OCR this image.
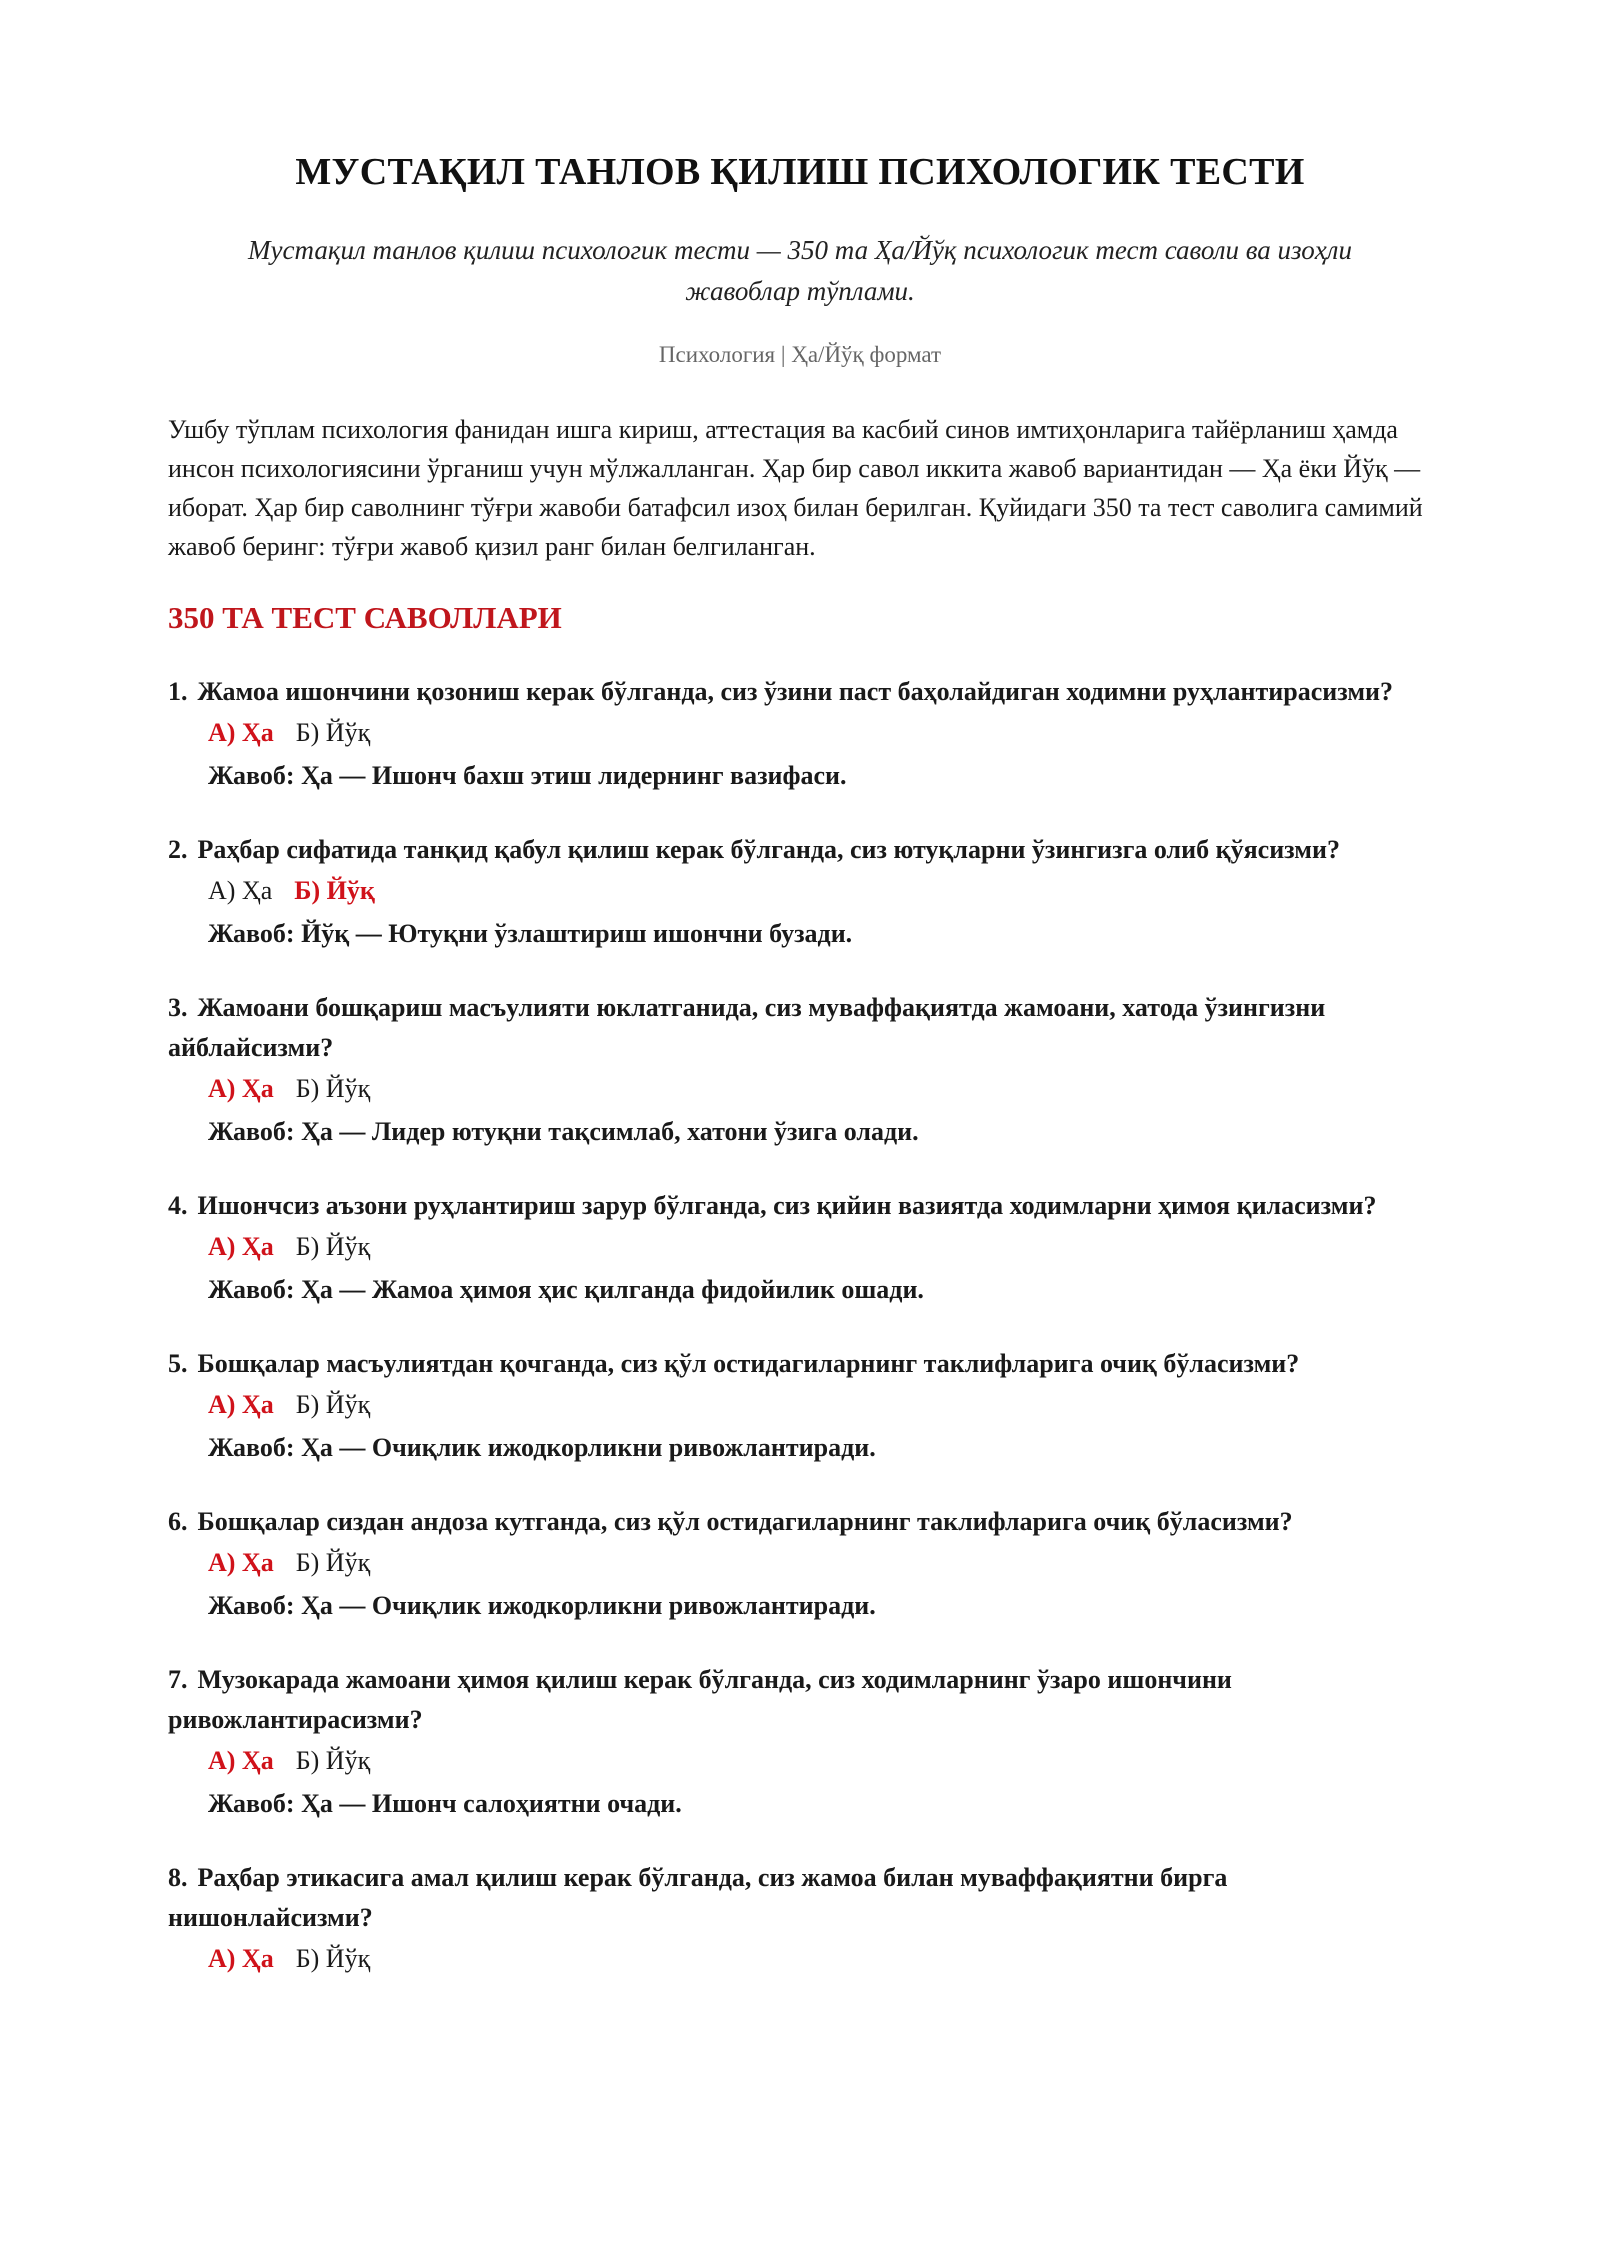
МУСТАҚИЛ ТАНЛОВ ҚИЛИШ ПСИХОЛОГИК ТЕСТИ
Мустақил танлов қилиш психологик тести — 350 та Ҳа/Йўқ психологик тест саволи ва изоҳли жавоблар тўплами.
Психология | Ҳа/Йўқ формат

Ушбу тўплам психология фанидан ишга кириш, аттестация ва касбий синов имтиҳонларига тайёрланиш ҳамда инсон психологиясини ўрганиш учун мўлжалланган. Ҳар бир савол иккита жавоб вариантидан — Ҳа ёки Йўқ — иборат. Ҳар бир саволнинг тўғри жавоби батафсил изоҳ билан берилган. Қуйидаги 350 та тест саволига самимий жавоб беринг: тўғри жавоб қизил ранг билан белгиланган.

350 ТА ТЕСТ САВОЛЛАРИ
1. Жамоа ишончини қозониш керак бўлганда, сиз ўзини паст баҳолайдиган ходимни руҳлантирасизми?
А) Ҳа Б) Йўқ
Жавоб: Ҳа — Ишонч бахш этиш лидернинг вазифаси.
2. Раҳбар сифатида танқид қабул қилиш керак бўлганда, сиз ютуқларни ўзингизга олиб қўясизми?
А) Ҳа Б) Йўқ
Жавоб: Йўқ — Ютуқни ўзлаштириш ишончни бузади.
3. Жамоани бошқариш масъулияти юклатганида, сиз муваффақиятда жамоани, хатода ўзингизни айблайсизми?
А) Ҳа Б) Йўқ
Жавоб: Ҳа — Лидер ютуқни тақсимлаб, хатони ўзига олади.
4. Ишончсиз аъзони руҳлантириш зарур бўлганда, сиз қийин вазиятда ходимларни ҳимоя қиласизми?
А) Ҳа Б) Йўқ
Жавоб: Ҳа — Жамоа ҳимоя ҳис қилганда фидойилик ошади.
5. Бошқалар масъулиятдан қочганда, сиз қўл остидагиларнинг таклифларига очиқ бўласизми?
А) Ҳа Б) Йўқ
Жавоб: Ҳа — Очиқлик ижодкорликни ривожлантиради.
6. Бошқалар сиздан андоза кутганда, сиз қўл остидагиларнинг таклифларига очиқ бўласизми?
А) Ҳа Б) Йўқ
Жавоб: Ҳа — Очиқлик ижодкорликни ривожлантиради.
7. Музокарада жамоани ҳимоя қилиш керак бўлганда, сиз ходимларнинг ўзаро ишончини ривожлантирасизми?
А) Ҳа Б) Йўқ
Жавоб: Ҳа — Ишонч салоҳиятни очади.
8. Раҳбар этикасига амал қилиш керак бўлганда, сиз жамоа билан муваффақиятни бирга нишонлайсизми?
А) Ҳа Б) Йўқ
